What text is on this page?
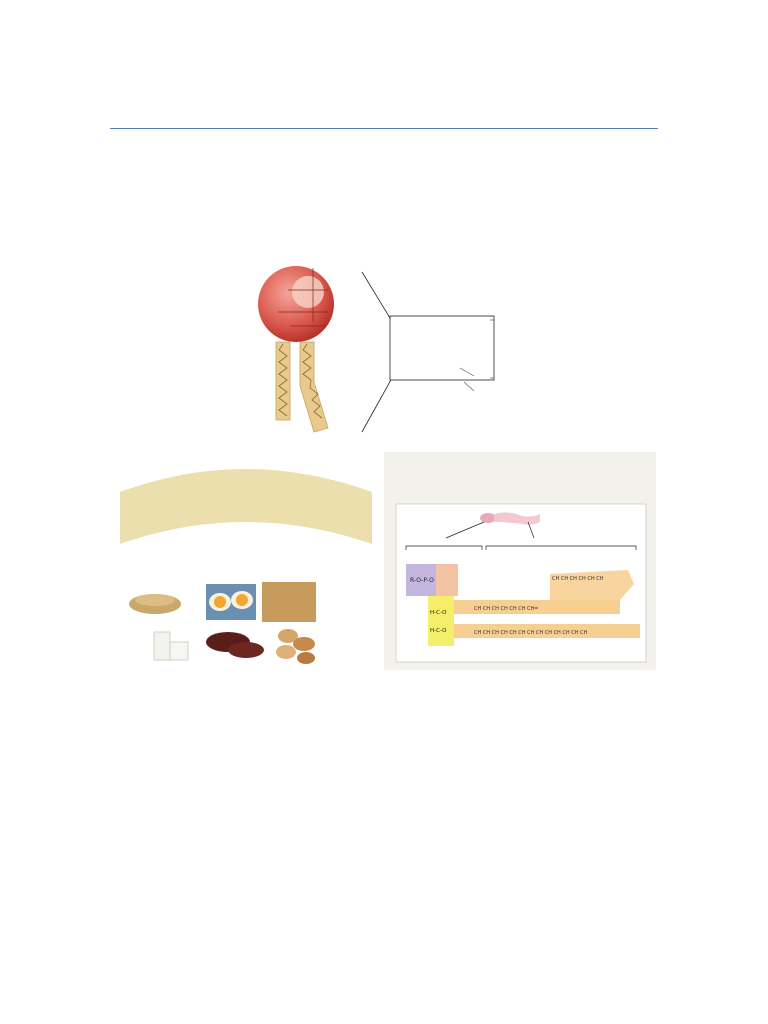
R-O-P-O
H-C-O
H-C-O
CH CH CH CH CH CH CH=
CH CH CH CH CH CH CH CH CH CH CH CH CH
CH CH CH CH CH CH
